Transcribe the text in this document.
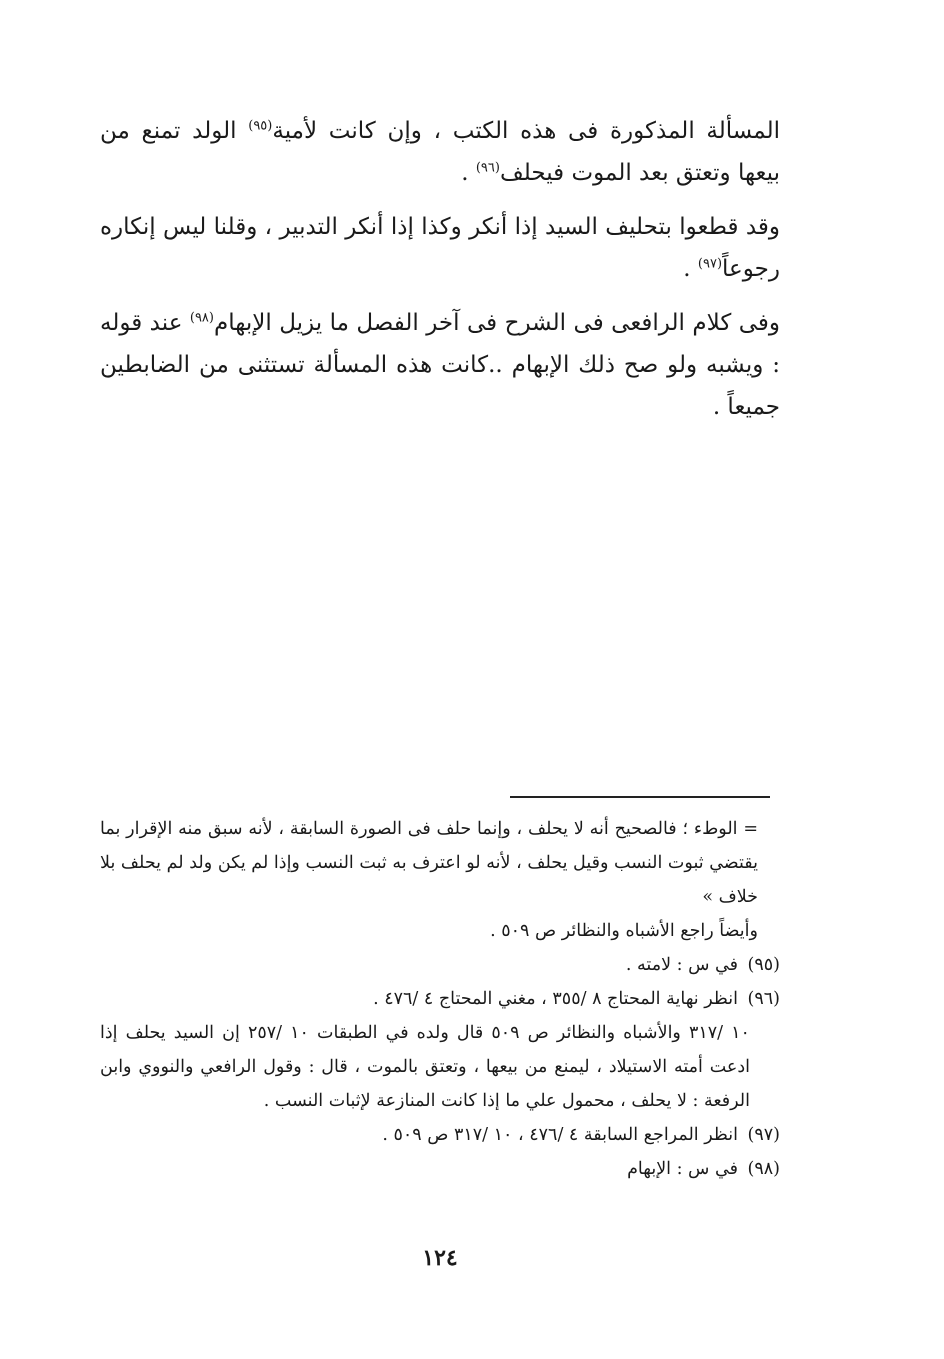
المسألة المذكورة فى هذه الكتب ، وإن كانت لأمية$^{(٩٥)}$ الولد تمنع من بيعها وتعتق بعد الموت فيحلف$^{(٩٦)}$ .

وقد قطعوا بتحليف السيد إذا أنكر وكذا إذا أنكر التدبير ، وقلنا ليس إنكاره رجوعاً$^{(٩٧)}$ .

وفى كلام الرافعى فى الشرح فى آخر الفصل ما يزيل الإبهام$^{(٩٨)}$ عند قوله : ويشبه ولو صح ذلك الإبهام ..كانت هذه المسألة تستثنى من الضابطين جميعاً .

= الوطء ؛ فالصحيح أنه لا يحلف ، وإنما حلف فى الصورة السابقة ، لأنه سبق منه الإقرار بما يقتضي ثبوت النسب وقيل يحلف ، لأنه لو اعترف به ثبت النسب وإذا لم يكن ولد لم يحلف بلا خلاف »

وأيضاً راجع الأشباه والنظائر ص ٥٠٩ .

(٩٥) في س : لامته .

(٩٦) انظر نهاية المحتاج ٨ /٣٥٥ ، مغني المحتاج ٤ /٤٧٦ .

١٠ /٣١٧ والأشباه والنظائر ص ٥٠٩ قال ولده في الطبقات ١٠ /٢٥٧ إن السيد يحلف إذا ادعت أمته الاستيلاد ، ليمنع من بيعها ، وتعتق بالموت ، قال : وقول الرافعي والنووي وابن الرفعة : لا يحلف ، محمول علي ما إذا كانت المنازعة لإثبات النسب .

(٩٧) انظر المراجع السابقة ٤ /٤٧٦ ، ١٠ /٣١٧ ص ٥٠٩ .

(٩٨) في س : الإبهام

١٢٤
